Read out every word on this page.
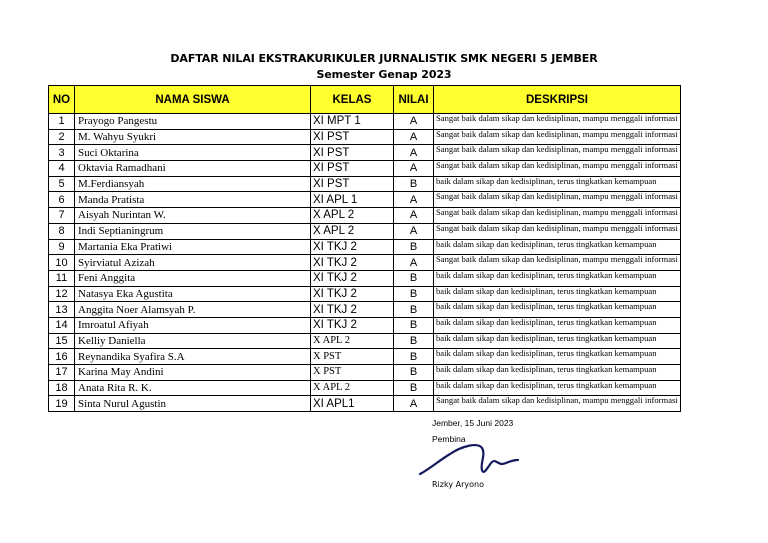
DAFTAR NILAI EKSTRAKURIKULER JURNALISTIK SMK NEGERI 5 JEMBER
Semester Genap 2023
NO	NAMA SISWA	KELAS	NILAI	DESKRIPSI
1	Prayogo Pangestu	XI MPT 1	A	Sangat baik dalam sikap dan kedisiplinan, mampu menggali informasi
2	M. Wahyu Syukri	XI PST	A	Sangat baik dalam sikap dan kedisiplinan, mampu menggali informasi
3	Suci Oktarina	XI PST	A	Sangat baik dalam sikap dan kedisiplinan, mampu menggali informasi
4	Oktavia Ramadhani	XI PST	A	Sangat baik dalam sikap dan kedisiplinan, mampu menggali informasi
5	M.Ferdiansyah	XI PST	B	baik dalam sikap dan kedisiplinan, terus tingkatkan kemampuan
6	Manda Pratista	XI APL 1	A	Sangat baik dalam sikap dan kedisiplinan, mampu menggali informasi
7	Aisyah Nurintan W.	X APL 2	A	Sangat baik dalam sikap dan kedisiplinan, mampu menggali informasi
8	Indi Septianingrum	X APL 2	A	Sangat baik dalam sikap dan kedisiplinan, mampu menggali informasi
9	Martania Eka Pratiwi	XI TKJ 2	B	baik dalam sikap dan kedisiplinan, terus tingkatkan kemampuan
10	Syirviatul Azizah	XI TKJ 2	A	Sangat baik dalam sikap dan kedisiplinan, mampu menggali informasi
11	Feni Anggita	XI TKJ 2	B	baik dalam sikap dan kedisiplinan, terus tingkatkan kemampuan
12	Natasya Eka Agustita	XI TKJ 2	B	baik dalam sikap dan kedisiplinan, terus tingkatkan kemampuan
13	Anggita Noer Alamsyah P.	XI TKJ 2	B	baik dalam sikap dan kedisiplinan, terus tingkatkan kemampuan
14	Imroatul Afiyah	XI TKJ 2	B	baik dalam sikap dan kedisiplinan, terus tingkatkan kemampuan
15	Kelliy Daniella	X APL 2	B	baik dalam sikap dan kedisiplinan, terus tingkatkan kemampuan
16	Reynandika Syafira S.A	X PST	B	baik dalam sikap dan kedisiplinan, terus tingkatkan kemampuan
17	Karina May Andini	X PST	B	baik dalam sikap dan kedisiplinan, terus tingkatkan kemampuan
18	Anata Rita R. K.	X APL 2	B	baik dalam sikap dan kedisiplinan, terus tingkatkan kemampuan
19	Sinta Nurul Agustin	XI APL1	A	Sangat baik dalam sikap dan kedisiplinan, mampu menggali informasi
Jember, 15 Juni 2023
Pembina
Rizky Aryono
